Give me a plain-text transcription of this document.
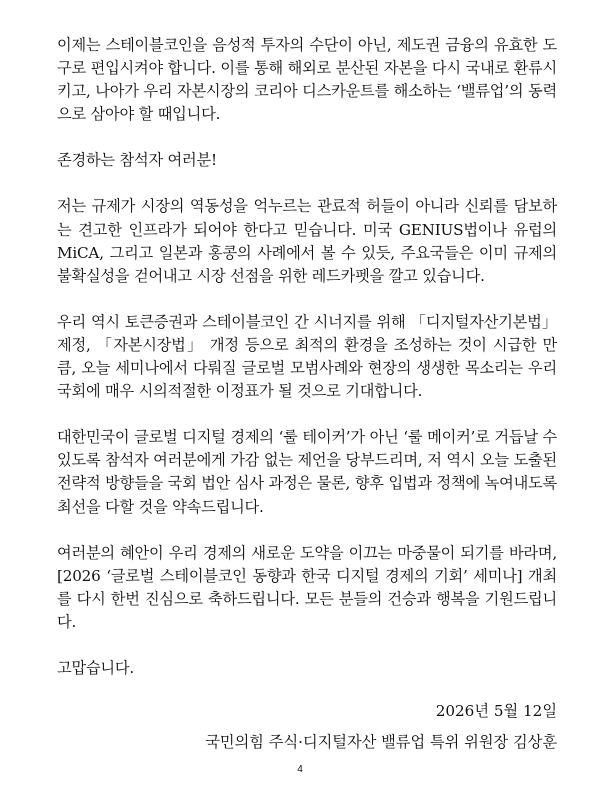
이제는 스테이블코인을 음성적 투자의 수단이 아닌, 제도권 금융의 유효한 도구로 편입시켜야 합니다. 이를 통해 해외로 분산된 자본을 다시 국내로 환류시키고, 나아가 우리 자본시장의 코리아 디스카운트를 해소하는 ‘밸류업’의 동력으로 삼아야 할 때입니다.

존경하는 참석자 여러분!

저는 규제가 시장의 역동성을 억누르는 관료적 허들이 아니라 신뢰를 담보하는 견고한 인프라가 되어야 한다고 믿습니다. 미국 GENIUS법이나 유럽의 MiCA, 그리고 일본과 홍콩의 사례에서 볼 수 있듯, 주요국들은 이미 규제의 불확실성을 걷어내고 시장 선점을 위한 레드카펫을 깔고 있습니다.

우리 역시 토큰증권과 스테이블코인 간 시너지를 위해 「디지털자산기본법」 제정, 「자본시장법」 개정 등으로 최적의 환경을 조성하는 것이 시급한 만큼, 오늘 세미나에서 다뤄질 글로벌 모범사례와 현장의 생생한 목소리는 우리 국회에 매우 시의적절한 이정표가 될 것으로 기대합니다.

대한민국이 글로벌 디지털 경제의 ‘룰 테이커’가 아닌 ‘룰 메이커’로 거듭날 수 있도록 참석자 여러분에게 가감 없는 제언을 당부드리며, 저 역시 오늘 도출된 전략적 방향들을 국회 법안 심사 과정은 물론, 향후 입법과 정책에 녹여내도록 최선을 다할 것을 약속드립니다.

여러분의 혜안이 우리 경제의 새로운 도약을 이끄는 마중물이 되기를 바라며, [2026 ‘글로벌 스테이블코인 동향과 한국 디지털 경제의 기회’ 세미나] 개최를 다시 한번 진심으로 축하드립니다. 모든 분들의 건승과 행복을 기원드립니다.

고맙습니다.

2026년 5월 12일

국민의힘 주식·디지털자산 밸류업 특위 위원장 김상훈

4
